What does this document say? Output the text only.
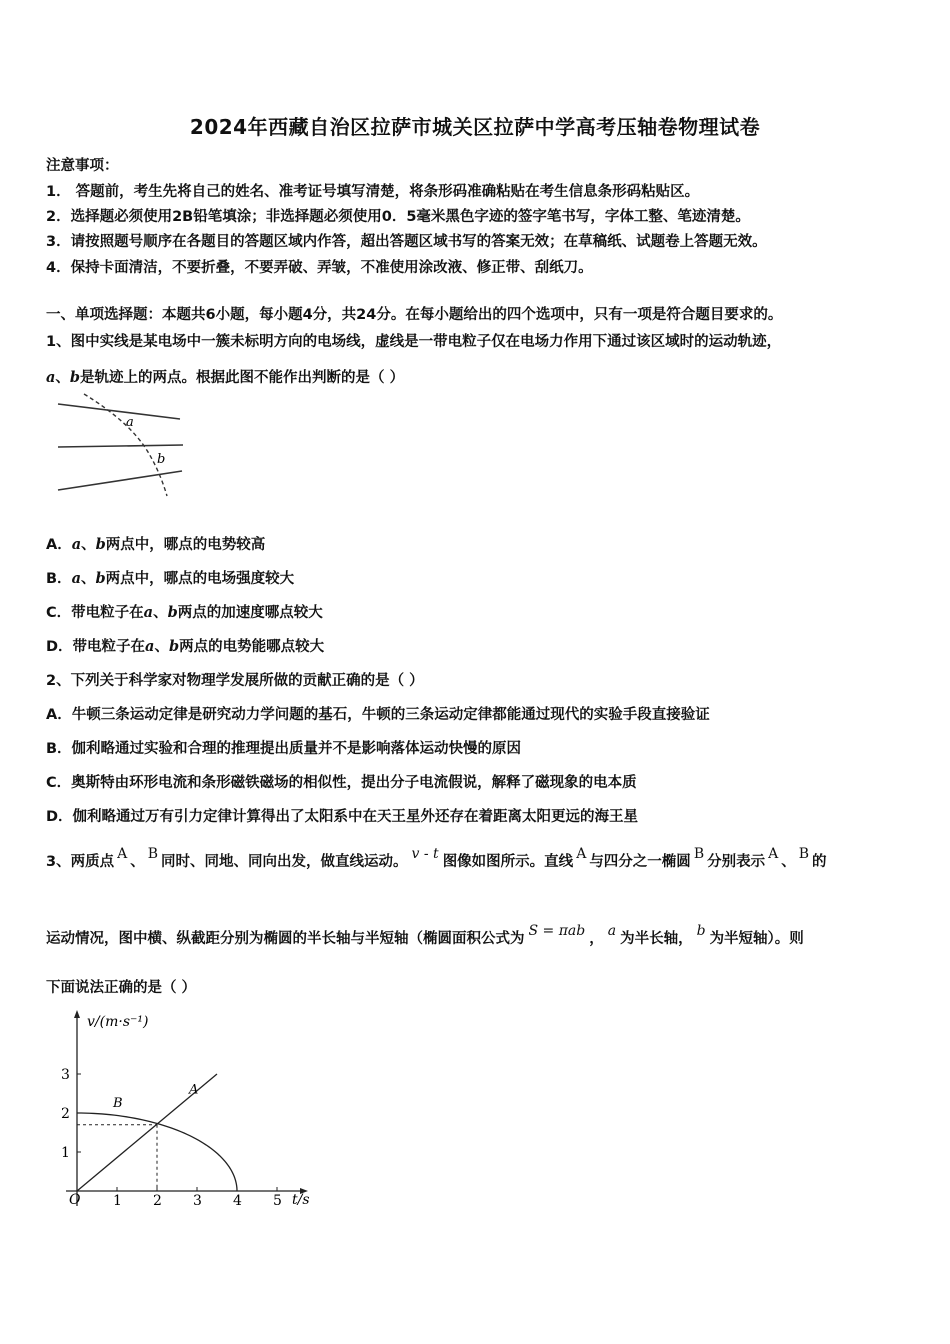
2024年西藏自治区拉萨市城关区拉萨中学高考压轴卷物理试卷
注意事项：
1． 答题前，考生先将自己的姓名、准考证号填写清楚，将条形码准确粘贴在考生信息条形码粘贴区。
2．选择题必须使用2B铅笔填涂；非选择题必须使用0．5毫米黑色字迹的签字笔书写，字体工整、笔迹清楚。
3．请按照题号顺序在各题目的答题区域内作答，超出答题区域书写的答案无效；在草稿纸、试题卷上答题无效。
4．保持卡面清洁，不要折叠，不要弄破、弄皱，不准使用涂改液、修正带、刮纸刀。
一、单项选择题：本题共6小题，每小题4分，共24分。在每小题给出的四个选项中，只有一项是符合题目要求的。
1、图中实线是某电场中一簇未标明方向的电场线，虚线是一带电粒子仅在电场力作用下通过该区域时的运动轨迹，
a、b是轨迹上的两点。根据此图不能作出判断的是（ ）
a
b
A．a、b两点中，哪点的电势较高
B．a、b两点中，哪点的电场强度较大
C．带电粒子在a、b两点的加速度哪点较大
D．带电粒子在a、b两点的电势能哪点较大
2、下列关于科学家对物理学发展所做的贡献正确的是（ ）
A．牛顿三条运动定律是研究动力学问题的基石，牛顿的三条运动定律都能通过现代的实验手段直接验证
B．伽利略通过实验和合理的推理提出质量并不是影响落体运动快慢的原因
C．奥斯特由环形电流和条形磁铁磁场的相似性，提出分子电流假说，解释了磁现象的电本质
D．伽利略通过万有引力定律计算得出了太阳系中在天王星外还存在着距离太阳更远的海王星
3、两质点 A 、 B 同时、同地、同向出发，做直线运动。 v - t 图像如图所示。直线 A 与四分之一椭圆 B 分别表示 A 、 B 的
运动情况，图中横、纵截距分别为椭圆的半长轴与半短轴（椭圆面积公式为 S = πab ， a 为半长轴， b 为半短轴）。则
下面说法正确的是（ ）
v/(m·s⁻¹)
t/s
O 1 2 3 4 5
1
2
3
A
B
